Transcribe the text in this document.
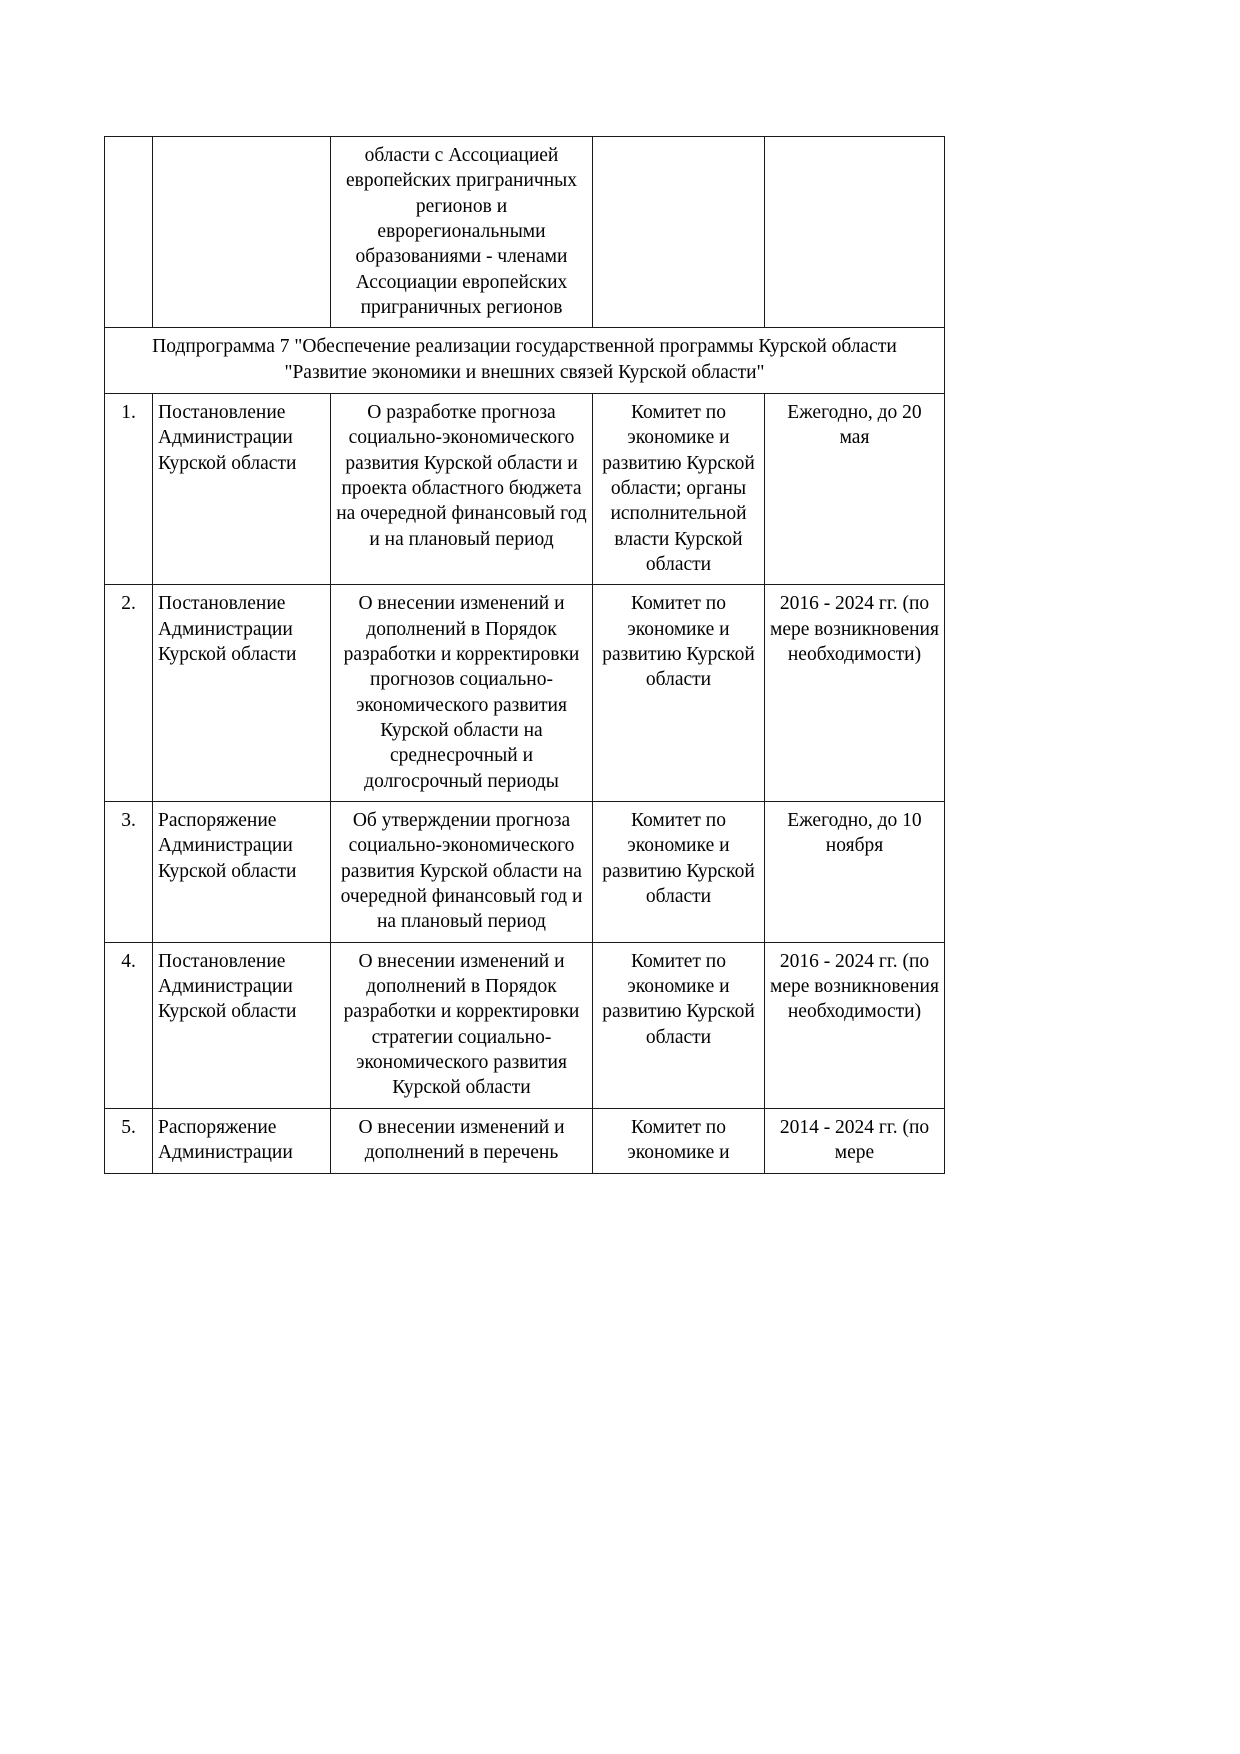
		области с Ассоциацией европейских приграничных регионов и еврорегиональными образованиями - членами Ассоциации европейских приграничных регионов		
Подпрограмма 7 "Обеспечение реализации государственной программы Курской области "Развитие экономики и внешних связей Курской области"				
1.	Постановление Администрации Курской области	О разработке прогноза социально-экономического развития Курской области и проекта областного бюджета на очередной финансовый год и на плановый период	Комитет по экономике и развитию Курской области; органы исполнительной власти Курской области	Ежегодно, до 20 мая
2.	Постановление Администрации Курской области	О внесении изменений и дополнений в Порядок разработки и корректировки прогнозов социально-экономического развития Курской области на среднесрочный и долгосрочный периоды	Комитет по экономике и развитию Курской области	2016 - 2024 гг. (по мере возникновения необходимости)
3.	Распоряжение Администрации Курской области	Об утверждении прогноза социально-экономического развития Курской области на очередной финансовый год и на плановый период	Комитет по экономике и развитию Курской области	Ежегодно, до 10 ноября
4.	Постановление Администрации Курской области	О внесении изменений и дополнений в Порядок разработки и корректировки стратегии социально-экономического развития Курской области	Комитет по экономике и развитию Курской области	2016 - 2024 гг. (по мере возникновения необходимости)
5.	Распоряжение Администрации	О внесении изменений и дополнений в перечень	Комитет по экономике и	2014 - 2024 гг. (по мере
